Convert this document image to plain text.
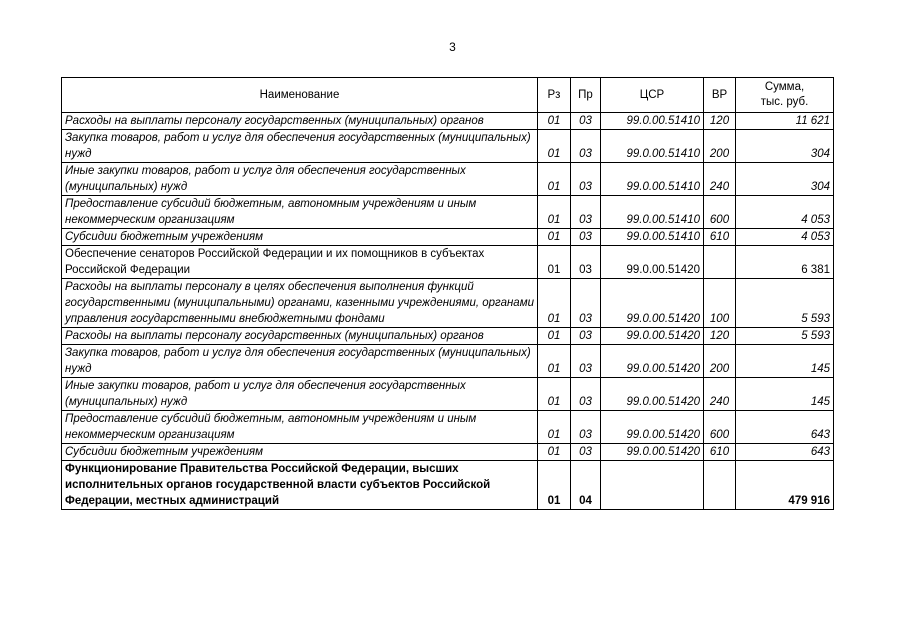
3
Наименование	Рз	Пр	ЦСР	ВР	Сумма,
тыс. руб.

Расходы на выплаты персоналу государственных (муниципальных) органов	01	03	99.0.00.51410	120	11 621
Закупка товаров, работ и услуг для обеспечения государственных (муниципальных) нужд	01	03	99.0.00.51410	200	304
Иные закупки товаров, работ и услуг для обеспечения государственных (муниципальных) нужд	01	03	99.0.00.51410	240	304
Предоставление субсидий бюджетным, автономным учреждениям и иным некоммерческим организациям	01	03	99.0.00.51410	600	4 053
Субсидии бюджетным учреждениям	01	03	99.0.00.51410	610	4 053
Обеспечение сенаторов Российской Федерации и их помощников в субъектах Российской Федерации	01	03	99.0.00.51420		6 381
Расходы на выплаты персоналу в целях обеспечения выполнения функций государственными (муниципальными) органами, казенными учреждениями, органами управления государственными внебюджетными фондами	01	03	99.0.00.51420	100	5 593
Расходы на выплаты персоналу государственных (муниципальных) органов	01	03	99.0.00.51420	120	5 593
Закупка товаров, работ и услуг для обеспечения государственных (муниципальных) нужд	01	03	99.0.00.51420	200	145
Иные закупки товаров, работ и услуг для обеспечения государственных (муниципальных) нужд	01	03	99.0.00.51420	240	145
Предоставление субсидий бюджетным, автономным учреждениям и иным некоммерческим организациям	01	03	99.0.00.51420	600	643
Субсидии бюджетным учреждениям	01	03	99.0.00.51420	610	643
Функционирование Правительства Российской Федерации, высших исполнительных органов государственной власти субъектов Российской Федерации, местных администраций	01	04			479 916
